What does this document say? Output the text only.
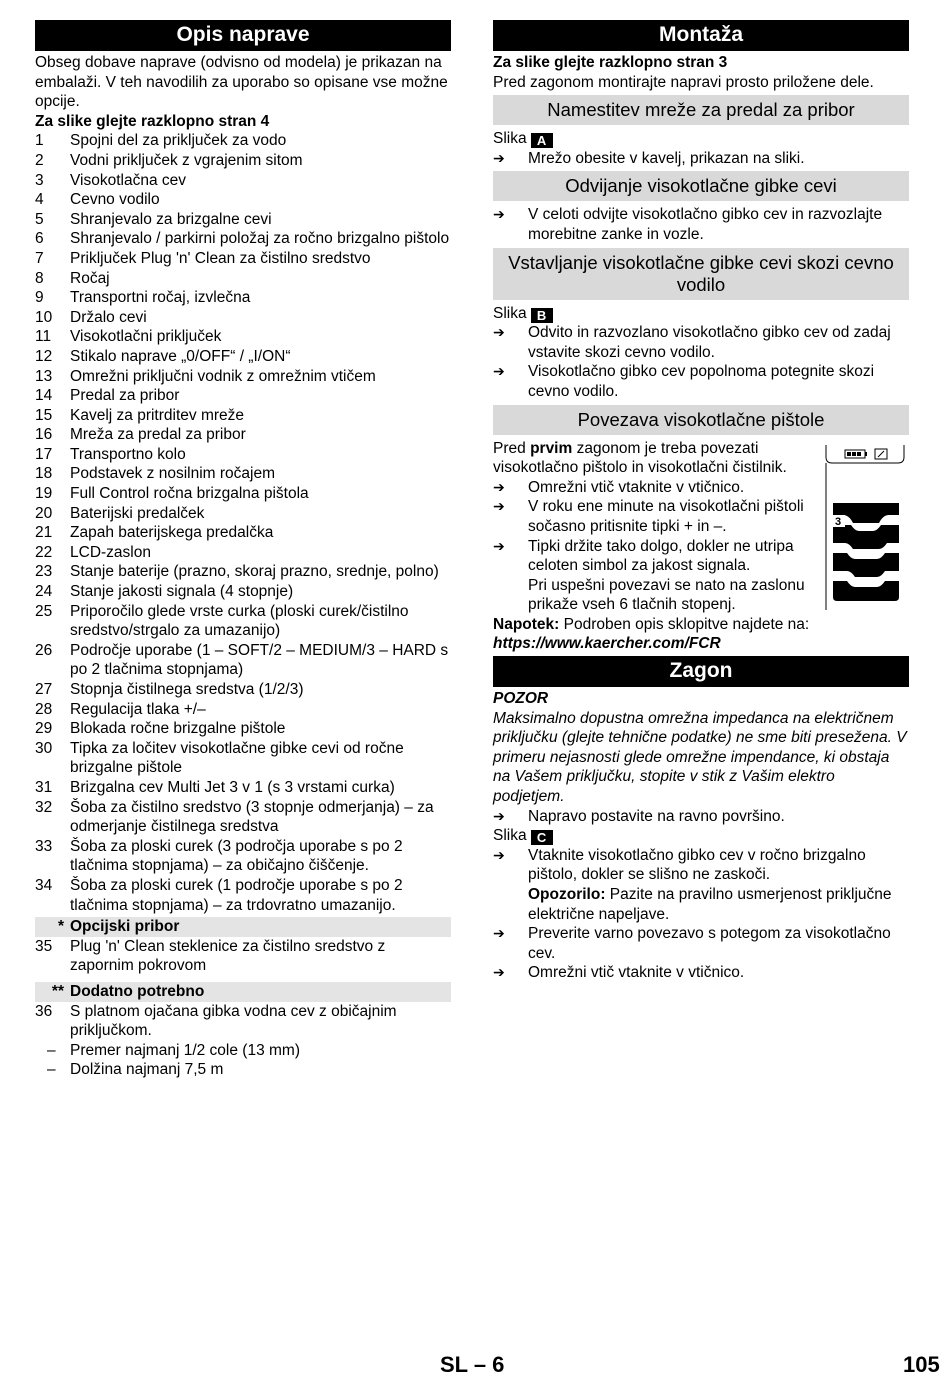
Opis naprave

Obseg dobave naprave (odvisno od modela) je prikazan na embalaži. V teh navodilih za uporabo so opisane vse možne opcije.

Za slike glejte razklopno stran 4

1	Spojni del za priključek za vodo
2	Vodni priključek z vgrajenim sitom
3	Visokotlačna cev
4	Cevno vodilo
5	Shranjevalo za brizgalne cevi
6	Shranjevalo / parkirni položaj za ročno brizgalno pištolo
7	Priključek Plug 'n' Clean za čistilno sredstvo
8	Ročaj
9	Transportni ročaj, izvlečna
10	Držalo cevi
11	Visokotlačni priključek
12	Stikalo naprave „0/OFF“ / „I/ON“
13	Omrežni priključni vodnik z omrežnim vtičem
14	Predal za pribor
15	Kavelj za pritrditev mreže
16	Mreža za predal za pribor
17	Transportno kolo
18	Podstavek z nosilnim ročajem
19	Full Control ročna brizgalna pištola
20	Baterijski predalček
21	Zapah baterijskega predalčka
22	LCD-zaslon
23	Stanje baterije (prazno, skoraj prazno, srednje, polno)
24	Stanje jakosti signala (4 stopnje)
25	Priporočilo glede vrste curka (ploski curek/čistilno sredstvo/strgalo za umazanijo)
26	Področje uporabe (1 – SOFT/2 – MEDIUM/3 – HARD s po 2 tlačnima stopnjama)
27	Stopnja čistilnega sredstva (1/2/3)
28	Regulacija tlaka +/–
29	Blokada ročne brizgalne pištole
30	Tipka za ločitev visokotlačne gibke cevi od ročne brizgalne pištole
31	Brizgalna cev Multi Jet 3 v 1 (s 3 vrstami curka)
32	Šoba za čistilno sredstvo (3 stopnje odmerjanja) – za odmerjanje čistilnega sredstva
33	Šoba za ploski curek (3 področja uporabe s po 2 tlačnima stopnjama) – za običajno čiščenje.
34	Šoba za ploski curek (1 področje uporabe s po 2 tlačnima stopnjama) – za trdovratno umazanijo.
* Opcijski pribor
35	Plug 'n' Clean steklenice za čistilno sredstvo z zapornim pokrovom
** Dodatno potrebno
36	S platnom ojačana gibka vodna cev z običajnim priključkom.
– Premer najmanj 1/2 cole (13 mm)
– Dolžina najmanj 7,5 m
Montaža

Za slike glejte razklopno stran 3

Pred zagonom montirajte napravi prosto priložene dele.

Namestitev mreže za predal za pribor

Slika A

➔	Mrežo obesite v kavelj, prikazan na sliki.
Odvijanje visokotlačne gibke cevi
➔	V celoti odvijte visokotlačno gibko cev in razvozlajte morebitne zanke in vozle.
Vstavljanje visokotlačne gibke cevi skozi cevno vodilo

Slika B

➔	Odvito in razvozlano visokotlačno gibko cev od zadaj vstavite skozi cevno vodilo.
➔	Visokotlačno gibko cev popolnoma potegnite skozi cevno vodilo.
Povezava visokotlačne pištole

Pred prvim zagonom je treba povezati visokotlačno pištolo in visokotlačni čistilnik.

➔	Omrežni vtič vtaknite v vtičnico.
➔	V roku ene minute na visokotlačni pištoli sočasno pritisnite tipki + in –.
➔	Tipki držite tako dolgo, dokler ne utripa celoten simbol za jakost signala.

Pri uspešni povezavi se nato na zaslonu prikaže vseh 6 tlačnih stopenj.

3

Napotek: Podroben opis sklopitve najdete na: https://www.kaercher.com/FCR

Zagon

POZOR

Maksimalno dopustna omrežna impedanca na električnem priključku (glejte tehnične podatke) ne sme biti presežena. V primeru nejasnosti glede omrežne impendance, ki obstaja na Vašem priključku, stopite v stik z Vašim elektro podjetjem.

➔	Napravo postavite na ravno površino.

Slika C

➔	Vtaknite visokotlačno gibko cev v ročno brizgalno pištolo, dokler se slišno ne zaskoči.
Opozorilo: Pazite na pravilno usmerjenost priključne električne napeljave.
➔	Preverite varno povezavo s potegom za visokotlačno cev.
➔	Omrežni vtič vtaknite v vtičnico.
SL – 6	105
